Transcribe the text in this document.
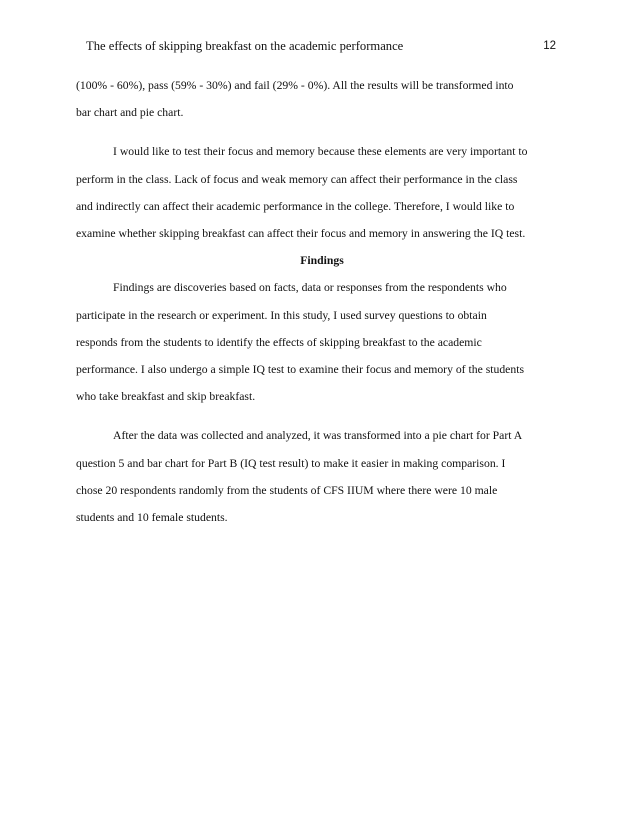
The effects of skipping breakfast on the academic performance	12

(100% - 60%), pass (59% - 30%) and fail (29% - 0%). All the results will be transformed into
bar chart and pie chart.

I would like to test their focus and memory because these elements are very important to
perform in the class. Lack of focus and weak memory can affect their performance in the class
and indirectly can affect their academic performance in the college. Therefore, I would like to
examine whether skipping breakfast can affect their focus and memory in answering the IQ test.

Findings

Findings are discoveries based on facts, data or responses from the respondents who
participate in the research or experiment. In this study, I used survey questions to obtain
responds from the students to identify the effects of skipping breakfast to the academic
performance. I also undergo a simple IQ test to examine their focus and memory of the students
who take breakfast and skip breakfast.

After the data was collected and analyzed, it was transformed into a pie chart for Part A
question 5 and bar chart for Part B (IQ test result) to make it easier in making comparison. I
chose 20 respondents randomly from the students of CFS IIUM where there were 10 male
students and 10 female students.
